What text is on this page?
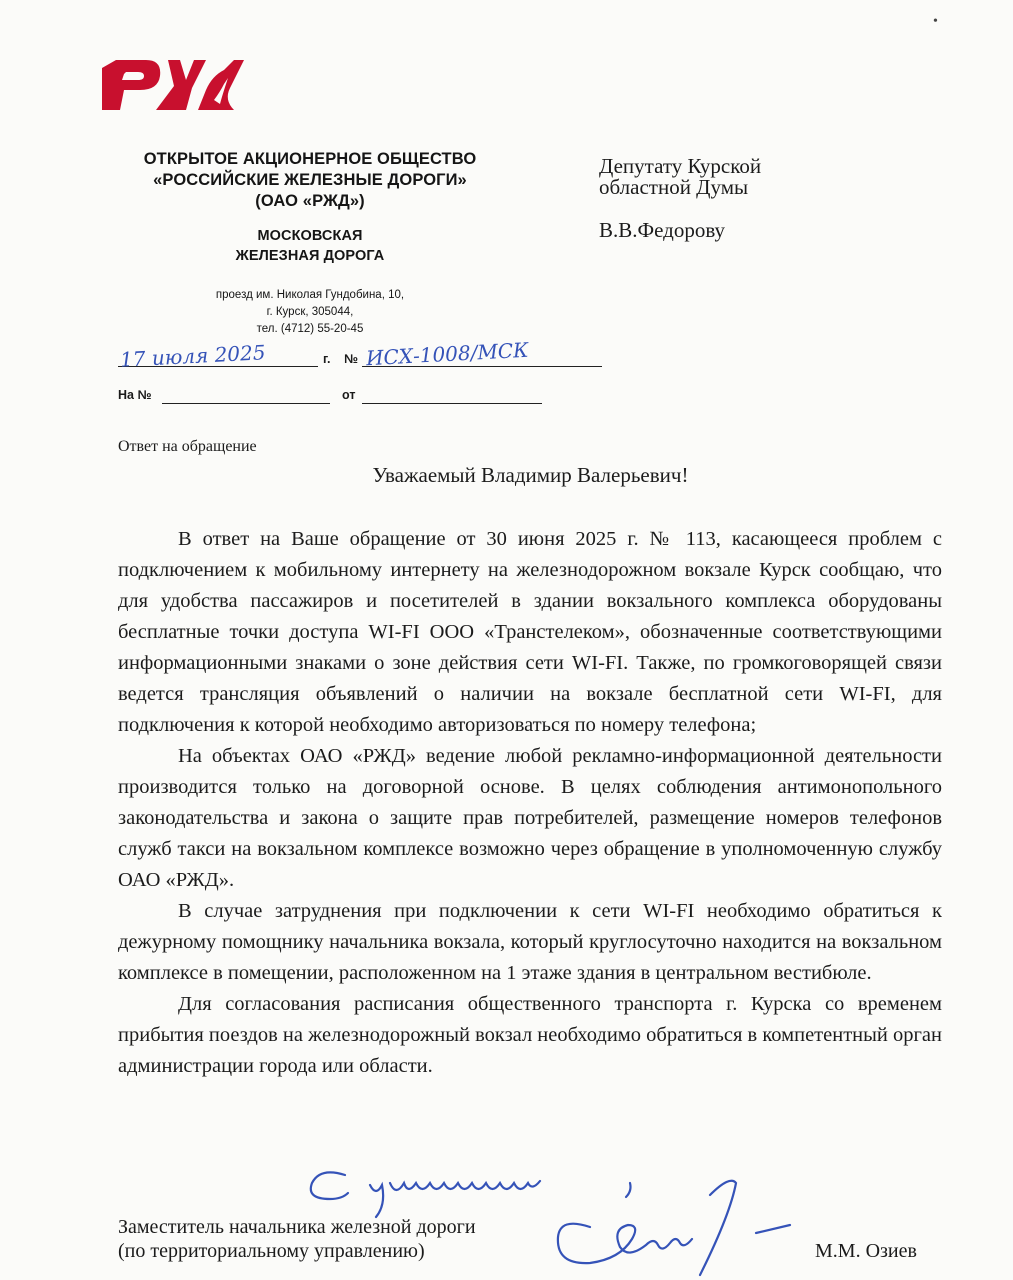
•
ОТКРЫТОЕ АКЦИОНЕРНОЕ ОБЩЕСТВО
«РОССИЙСКИЕ ЖЕЛЕЗНЫЕ ДОРОГИ»
(ОАО «РЖД»)
МОСКОВСКАЯ
ЖЕЛЕЗНАЯ ДОРОГА
проезд им. Николая Гундобина, 10,
г. Курск, 305044,
тел. (4712) 55-20-45
Депутату Курской
областной Думы
В.В.Федорову
17 июля 2025	г. № ИСХ-1008/МСК
На №	от
Ответ на обращение
Уважаемый Владимир Валерьевич!

В ответ на Ваше обращение от 30 июня 2025 г. № 113, касающееся проблем с подключением к мобильному интернету на железнодорожном вокзале Курск сообщаю, что для удобства пассажиров и посетителей в здании вокзального комплекса оборудованы бесплатные точки доступа WI-FI ООО «Транстелеком», обозначенные соответствующими информационными знаками о зоне действия сети WI-FI. Также, по громкоговорящей связи ведется трансляция объявлений о наличии на вокзале бесплатной сети WI-FI, для подключения к которой необходимо авторизоваться по номеру телефона;

На объектах ОАО «РЖД» ведение любой рекламно-информационной деятельности производится только на договорной основе. В целях соблюдения антимонопольного законодательства и закона о защите прав потребителей, размещение номеров телефонов служб такси на вокзальном комплексе возможно через обращение в уполномоченную службу ОАО «РЖД».

В случае затруднения при подключении к сети WI-FI необходимо обратиться к дежурному помощнику начальника вокзала, который круглосуточно находится на вокзальном комплексе в помещении, расположенном на 1 этаже здания в центральном вестибюле.

Для согласования расписания общественного транспорта г. Курска со временем прибытия поездов на железнодорожный вокзал необходимо обратиться в компетентный орган администрации города или области.

Заместитель начальника железной дороги
(по территориальному управлению)	М.М. Озиев
